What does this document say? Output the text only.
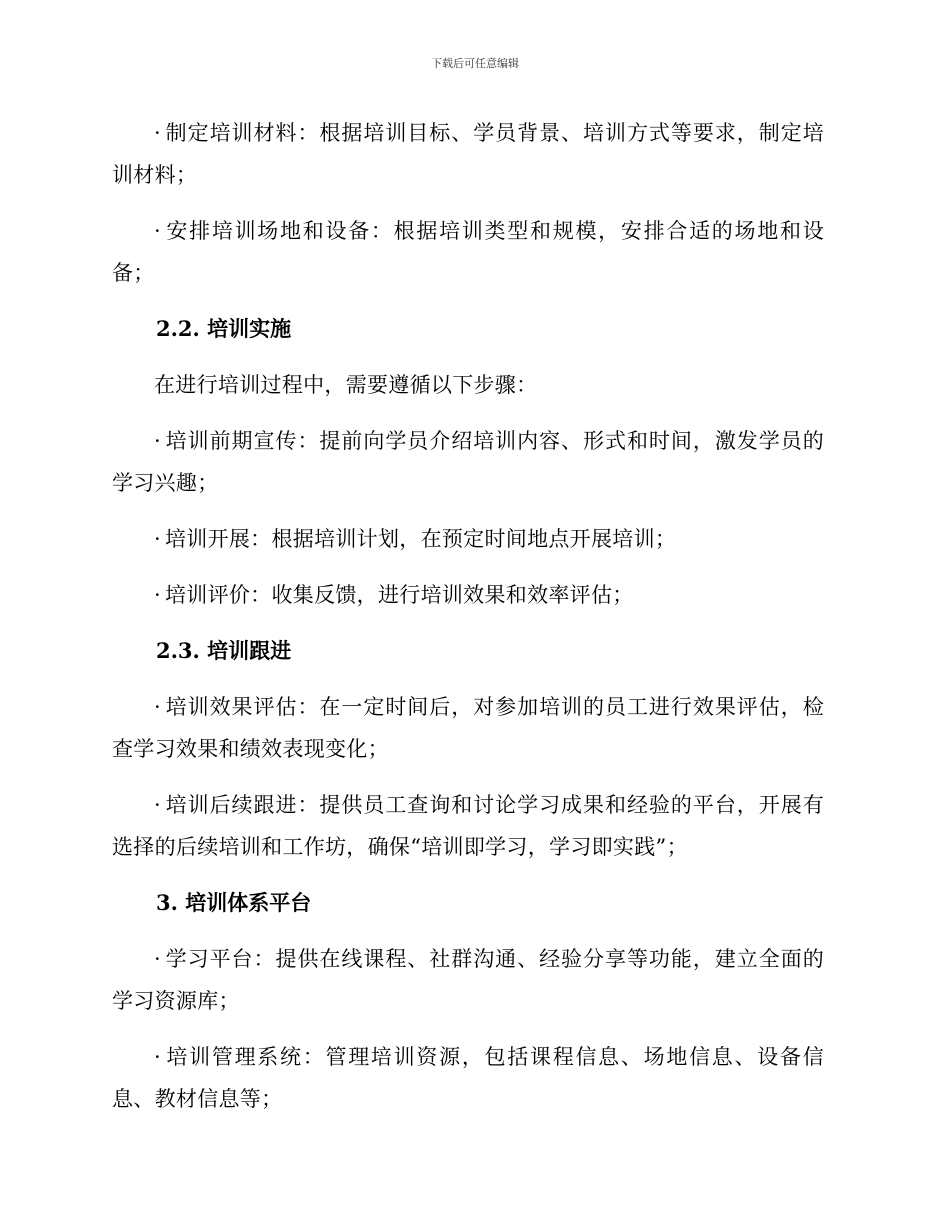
下载后可任意编辑
· 制定培训材料：根据培训目标、学员背景、培训方式等要求，制定培训材料；
· 安排培训场地和设备：根据培训类型和规模，安排合适的场地和设备；
2.2. 培训实施
在进行培训过程中，需要遵循以下步骤：
· 培训前期宣传：提前向学员介绍培训内容、形式和时间，激发学员的学习兴趣；
· 培训开展：根据培训计划，在预定时间地点开展培训；
· 培训评价：收集反馈，进行培训效果和效率评估；
2.3. 培训跟进
· 培训效果评估：在一定时间后，对参加培训的员工进行效果评估，检查学习效果和绩效表现变化；
· 培训后续跟进：提供员工查询和讨论学习成果和经验的平台，开展有选择的后续培训和工作坊，确保“培训即学习，学习即实践”；
3. 培训体系平台
· 学习平台：提供在线课程、社群沟通、经验分享等功能，建立全面的学习资源库；
· 培训管理系统：管理培训资源，包括课程信息、场地信息、设备信息、教材信息等；
